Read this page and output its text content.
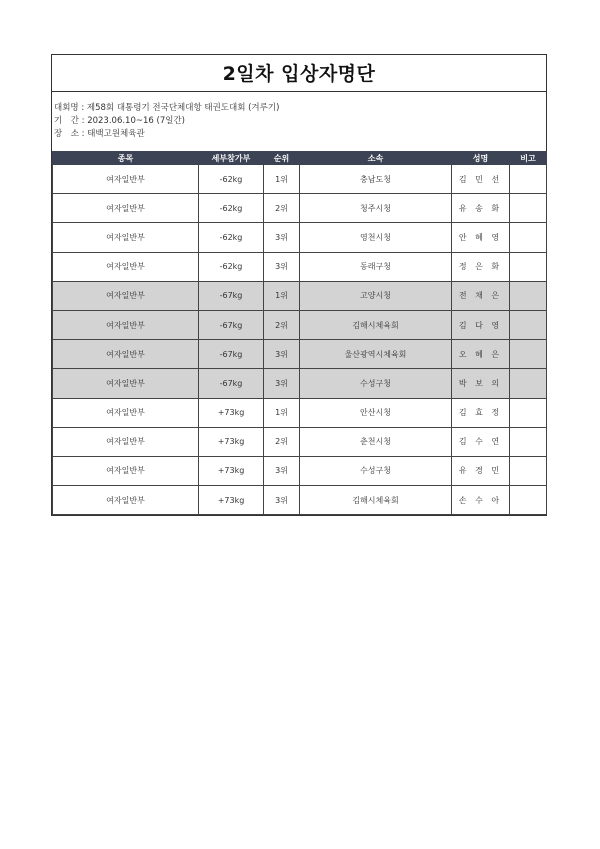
2일차 입상자명단
대회명 : 제58회 대통령기 전국단체대항 태권도대회 (겨루기)
기　간 : 2023.06.10~16 (7일간)
장　소 : 태백고원체육관
종목	세부참가부	순위	소속	성명	비고
여자일반부	-62kg	1위	충남도청	김 민 선	
여자일반부	-62kg	2위	청주시청	유 송 화	
여자일반부	-62kg	3위	영천시청	안 혜 영	
여자일반부	-62kg	3위	동래구청	정 은 화	
여자일반부	-67kg	1위	고양시청	전 채 은	
여자일반부	-67kg	2위	김해시체육회	김 다 영	
여자일반부	-67kg	3위	울산광역시체육회	오 혜 은	
여자일반부	-67kg	3위	수성구청	박 보 의	
여자일반부	+73kg	1위	안산시청	김 효 정	
여자일반부	+73kg	2위	춘천시청	김 수 연	
여자일반부	+73kg	3위	수성구청	유 경 민	
여자일반부	+73kg	3위	김해시체육회	손 수 아	
